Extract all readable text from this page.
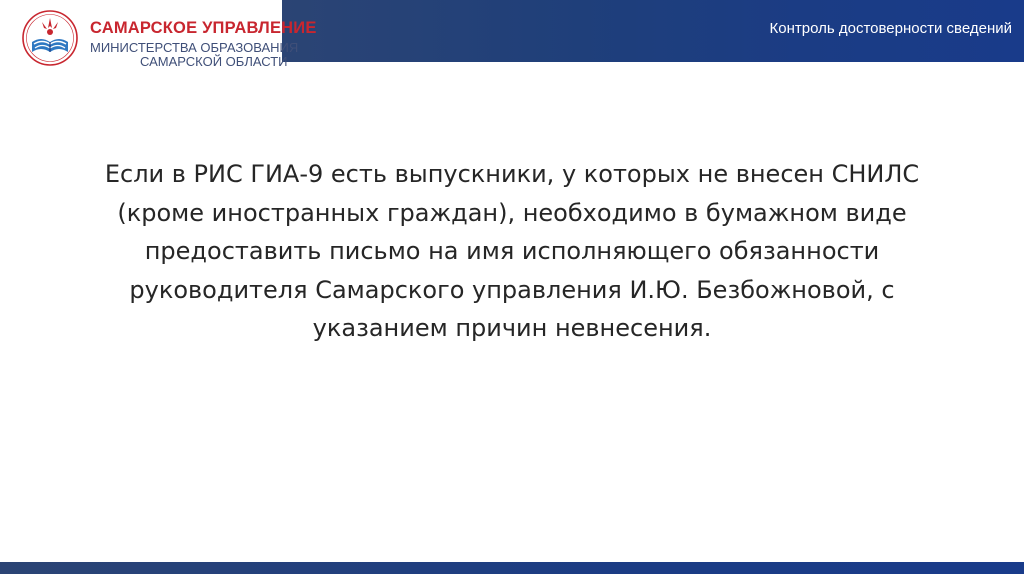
Контроль достоверности сведений
САМАРСКОЕ УПРАВЛЕНИЕ
МИНИСТЕРСТВА ОБРАЗОВАНИЯ
САМАРСКОЙ ОБЛАСТИ
Если в РИС ГИА-9 есть выпускники, у которых не внесен СНИЛС (кроме иностранных граждан), необходимо в бумажном виде предоставить письмо на имя исполняющего обязанности руководителя Самарского управления И.Ю. Безбожновой, с указанием причин невнесения.
